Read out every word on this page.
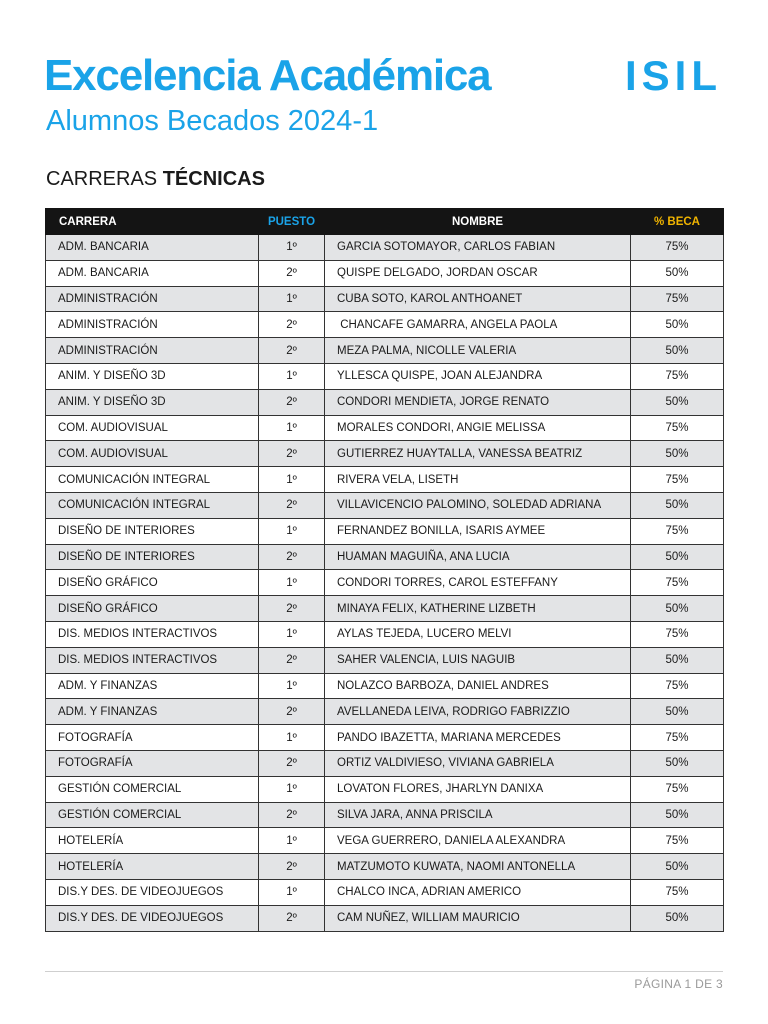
Excelencia Académica	ISIL
Alumnos Becados 2024-1
CARRERAS TÉCNICAS
CARRERA	PUESTO	NOMBRE	% BECA
ADM. BANCARIA	1º	GARCIA SOTOMAYOR, CARLOS FABIAN	75%
ADM. BANCARIA	2º	QUISPE DELGADO, JORDAN OSCAR	50%
ADMINISTRACIÓN	1º	CUBA SOTO, KAROL ANTHOANET	75%
ADMINISTRACIÓN	2º	CHANCAFE GAMARRA, ANGELA PAOLA	50%
ADMINISTRACIÓN	2º	MEZA PALMA, NICOLLE VALERIA	50%
ANIM. Y DISEÑO 3D	1º	YLLESCA QUISPE, JOAN ALEJANDRA	75%
ANIM. Y DISEÑO 3D	2º	CONDORI MENDIETA, JORGE RENATO	50%
COM. AUDIOVISUAL	1º	MORALES CONDORI, ANGIE MELISSA	75%
COM. AUDIOVISUAL	2º	GUTIERREZ HUAYTALLA, VANESSA BEATRIZ	50%
COMUNICACIÓN INTEGRAL	1º	RIVERA VELA, LISETH	75%
COMUNICACIÓN INTEGRAL	2º	VILLAVICENCIO PALOMINO, SOLEDAD ADRIANA	50%
DISEÑO DE INTERIORES	1º	FERNANDEZ BONILLA, ISARIS AYMEE	75%
DISEÑO DE INTERIORES	2º	HUAMAN MAGUIÑA, ANA LUCIA	50%
DISEÑO GRÁFICO	1º	CONDORI TORRES, CAROL ESTEFFANY	75%
DISEÑO GRÁFICO	2º	MINAYA FELIX, KATHERINE LIZBETH	50%
DIS. MEDIOS INTERACTIVOS	1º	AYLAS TEJEDA, LUCERO MELVI	75%
DIS. MEDIOS INTERACTIVOS	2º	SAHER VALENCIA, LUIS NAGUIB	50%
ADM. Y FINANZAS	1º	NOLAZCO BARBOZA, DANIEL ANDRES	75%
ADM. Y FINANZAS	2º	AVELLANEDA LEIVA, RODRIGO FABRIZZIO	50%
FOTOGRAFÍA	1º	PANDO IBAZETTA, MARIANA MERCEDES	75%
FOTOGRAFÍA	2º	ORTIZ VALDIVIESO, VIVIANA GABRIELA	50%
GESTIÓN COMERCIAL	1º	LOVATON FLORES, JHARLYN DANIXA	75%
GESTIÓN COMERCIAL	2º	SILVA JARA, ANNA PRISCILA	50%
HOTELERÍA	1º	VEGA GUERRERO, DANIELA ALEXANDRA	75%
HOTELERÍA	2º	MATZUMOTO KUWATA, NAOMI ANTONELLA	50%
DIS.Y DES. DE VIDEOJUEGOS	1º	CHALCO INCA, ADRIAN AMERICO	75%
DIS.Y DES. DE VIDEOJUEGOS	2º	CAM NUÑEZ, WILLIAM MAURICIO	50%
PÁGINA 1 DE 3
